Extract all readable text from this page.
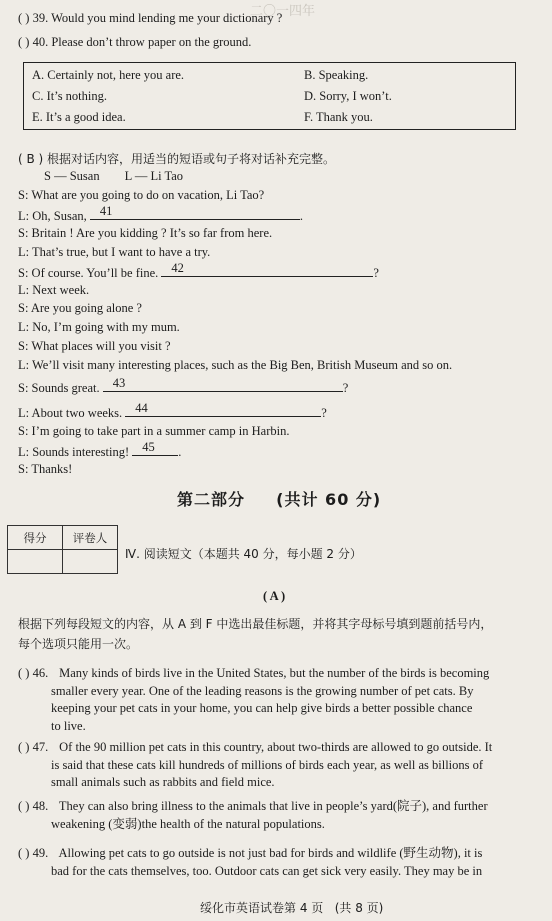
二〇一四年
( ) 39. Would you mind lending me your dictionary ?
( ) 40. Please don’t throw paper on the ground.
A. Certainly not, here you are.	B. Speaking.
C. It’s nothing.	D. Sorry, I won’t.
E. It’s a good idea.	F. Thank you.
( B ) 根据对话内容，用适当的短语或句子将对话补充完整。
S — Susan        L — Li Tao
S: What are you going to do on vacation, Li Tao?
L: Oh, Susan, 41	.
S: Britain ! Are you kidding ? It’s so far from here.
L: That’s true, but I want to have a try.
S: Of course. You’ll be fine. 42	?
L: Next week.
S: Are you going alone ?
L: No, I’m going with my mum.
S: What places will you visit ?
L: We’ll visit many interesting places, such as the Big Ben, British Museum and so on.
S: Sounds great. 43	?
L: About two weeks. 44	?
S: I’m going to take part in a summer camp in Harbin.
L: Sounds interesting! 45 .
S: Thanks!
第二部分 (共计 60 分)
得分	评卷人

Ⅳ. 阅读短文（本题共 40 分，每小题 2 分）
( A )
根据下列每段短文的内容，从 A 到 F 中选出最佳标题，并将其字母标号填到题前括号内，
每个选项只能用一次。
( ) 46. Many kinds of birds live in the United States, but the number of the birds is becoming
smaller every year. One of the leading reasons is the growing number of pet cats. By
keeping your pet cats in your home, you can help give birds a better possible chance
to live.
( ) 47. Of the 90 million pet cats in this country, about two-thirds are allowed to go outside. It
is said that these cats kill hundreds of millions of birds each year, as well as billions of
small animals such as rabbits and field mice.
( ) 48. They can also bring illness to the animals that live in people’s yard(院子), and further
weakening (变弱)the health of the natural populations.
( ) 49. Allowing pet cats to go outside is not just bad for birds and wildlife (野生动物), it is
bad for the cats themselves, too. Outdoor cats can get sick very easily. They may be in
绥化市英语试卷第 4 页   (共 8 页)
